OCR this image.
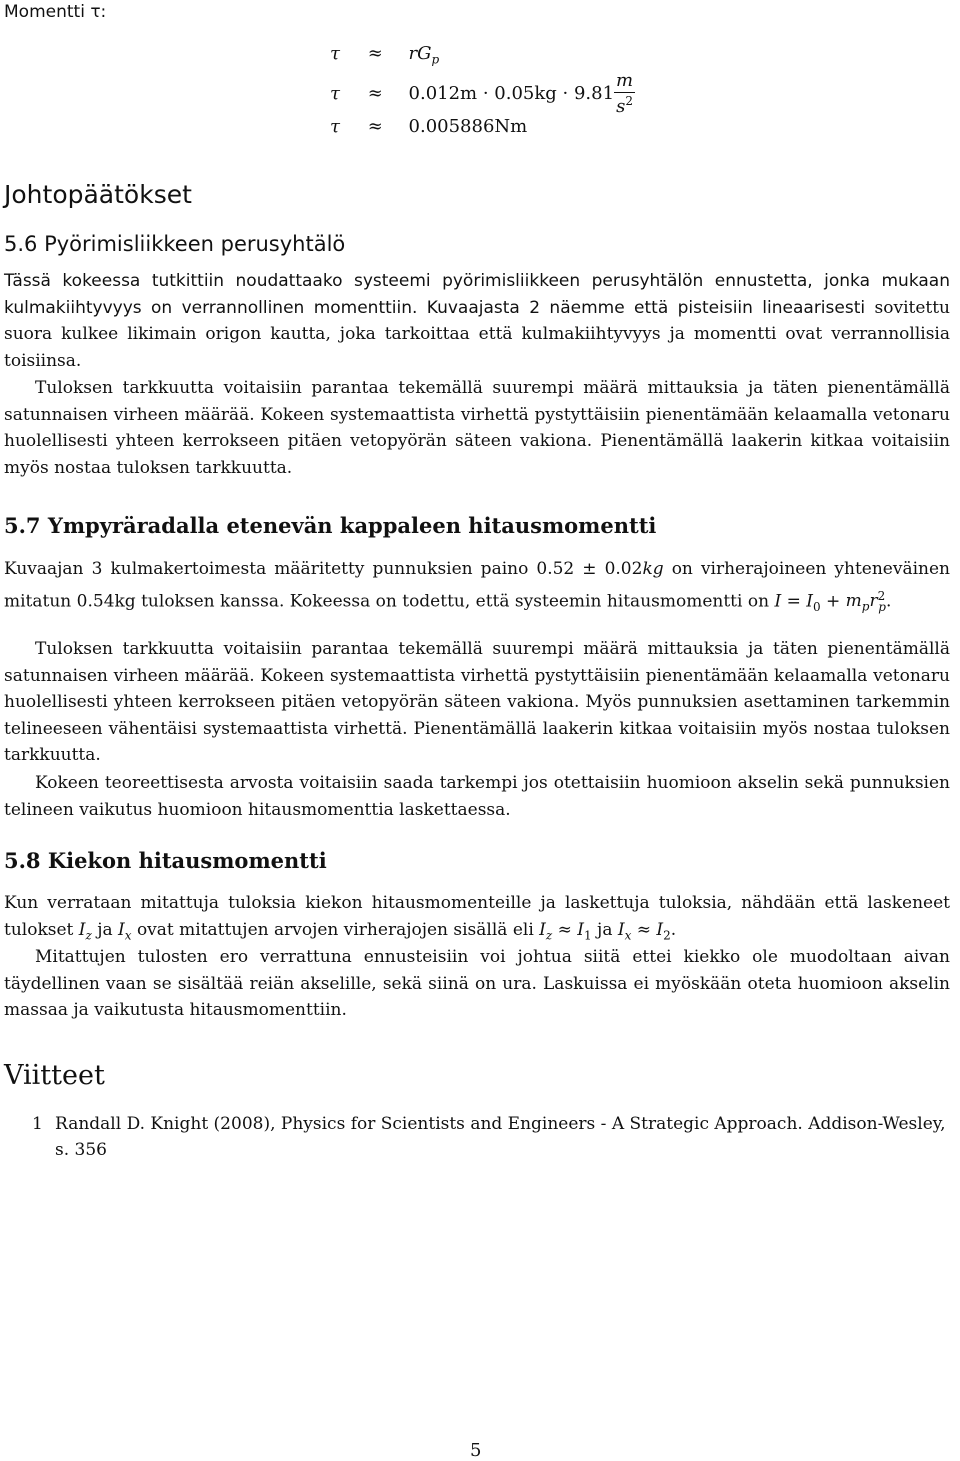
Momentti τ:
$\tau \approx rG_p$
$\tau \approx 0.012m \cdot 0.05kg \cdot 9.81 \frac{m}{s^2}$
τ ≈ 0.005886Nm
Johtopäätökset
5.6 Pyörimisliikkeen perusyhtälö
Tässä kokeessa tutkittiin noudattaako systeemi pyörimisliikkeen perusyhtälön ennustetta, jonka mukaan kulmakiihtyvyys on verrannollinen momenttiin. Kuvaajasta 2 näemme että pisteisiin lineaarisesti sovitettu suora kulkee likimain origon kautta, joka tarkoittaa että kulmakiihtyvyys ja momentti ovat verrannollisia toisiinsa.
Tuloksen tarkkuutta voitaisiin parantaa tekemällä suurempi määrä mittauksia ja täten pienentämällä satunnaisen virheen määrää. Kokeen systemaattista virhettä pystyttäisiin pienentämään kelaamalla vetonaru huolellisesti yhteen kerrokseen pitäen vetopyörän säteen vakiona. Pienentämällä laakerin kitkaa voitaisiin myös nostaa tuloksen tarkkuutta.
5.7 Ympyräradalla etenevän kappaleen hitausmomentti
Kuvaajan 3 kulmakertoimesta määritetty punnuksien paino 0.52 ± 0.02kg on virherajoineen yhteneväinen mitatun 0.54kg tuloksen kanssa. Kokeessa on todettu, että systeemin hitausmomentti on $I = I_0 + m_pr^2_p$.
Tuloksen tarkkuutta voitaisiin parantaa tekemällä suurempi määrä mittauksia ja täten pienentämällä satunnaisen virheen määrää. Kokeen systemaattista virhettä pystyttäisiin pienentämään kelaamalla vetonaru huolellisesti yhteen kerrokseen pitäen vetopyörän säteen vakiona. Myös punnuksien asettaminen tarkemmin telineeseen vähentäisi systemaattista virhettä. Pienentämällä laakerin kitkaa voitaisiin myös nostaa tuloksen tarkkuutta.
Kokeen teoreettisesta arvosta voitaisiin saada tarkempi jos otettaisiin huomioon akselin sekä punnuksien telineen vaikutus huomioon hitausmomenttia laskettaessa.
5.8 Kiekon hitausmomentti
Kun verrataan mitattuja tuloksia kiekon hitausmomenteille ja laskettuja tuloksia, nähdään että laskeneet tulokset $I_z$ ja $I_x$ ovat mitattujen arvojen virherajojen sisällä eli $I_z \approx I_1$ ja $I_x \approx I_2$.
Mitattujen tulosten ero verrattuna ennusteisiin voi johtua siitä ettei kiekko ole muodoltaan aivan täydellinen vaan se sisältää reiän akselille, sekä siinä on ura. Laskuissa ei myöskään oteta huomioon akselin massaa ja vaikutusta hitausmomenttiin.
Viitteet
1 Randall D. Knight (2008), Physics for Scientists and Engineers - A Strategic Approach. Addison-Wesley, s. 356
5
